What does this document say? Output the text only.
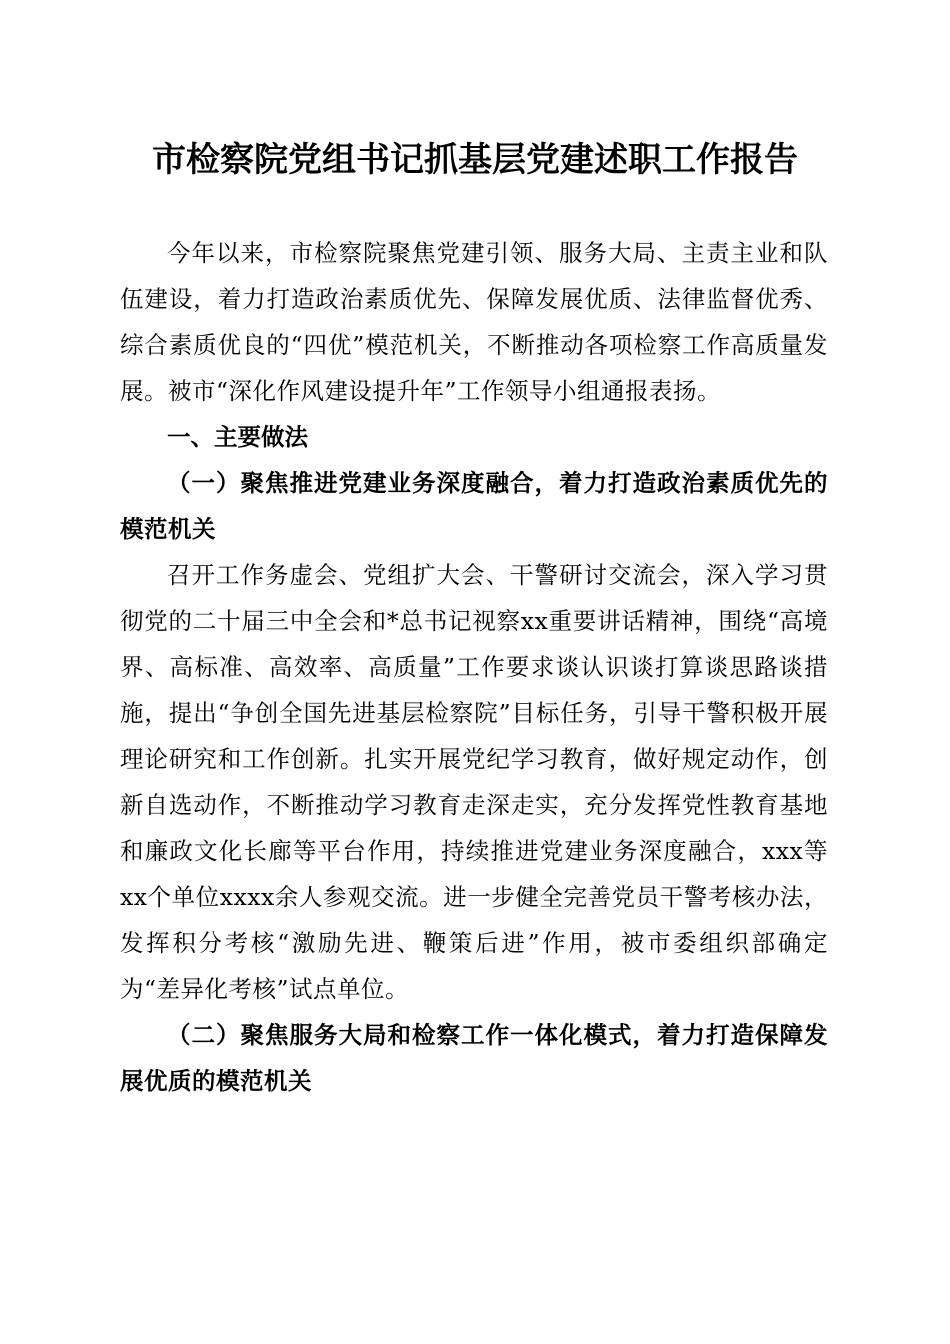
市检察院党组书记抓基层党建述职工作报告

今年以来，市检察院聚焦党建引领、服务大局、主责主业和队伍建设，着力打造政治素质优先、保障发展优质、法律监督优秀、综合素质优良的“四优”模范机关，不断推动各项检察工作高质量发展。被市“深化作风建设提升年”工作领导小组通报表扬。

一、主要做法

（一）聚焦推进党建业务深度融合，着力打造政治素质优先的模范机关

召开工作务虚会、党组扩大会、干警研讨交流会，深入学习贯彻党的二十届三中全会和*总书记视察xx重要讲话精神，围绕“高境界、高标准、高效率、高质量”工作要求谈认识谈打算谈思路谈措施，提出“争创全国先进基层检察院”目标任务，引导干警积极开展理论研究和工作创新。扎实开展党纪学习教育，做好规定动作，创新自选动作，不断推动学习教育走深走实，充分发挥党性教育基地和廉政文化长廊等平台作用，持续推进党建业务深度融合，xxx等xx个单位xxxx余人参观交流。进一步健全完善党员干警考核办法，发挥积分考核“激励先进、鞭策后进”作用，被市委组织部确定为“差异化考核”试点单位。

（二）聚焦服务大局和检察工作一体化模式，着力打造保障发展优质的模范机关
